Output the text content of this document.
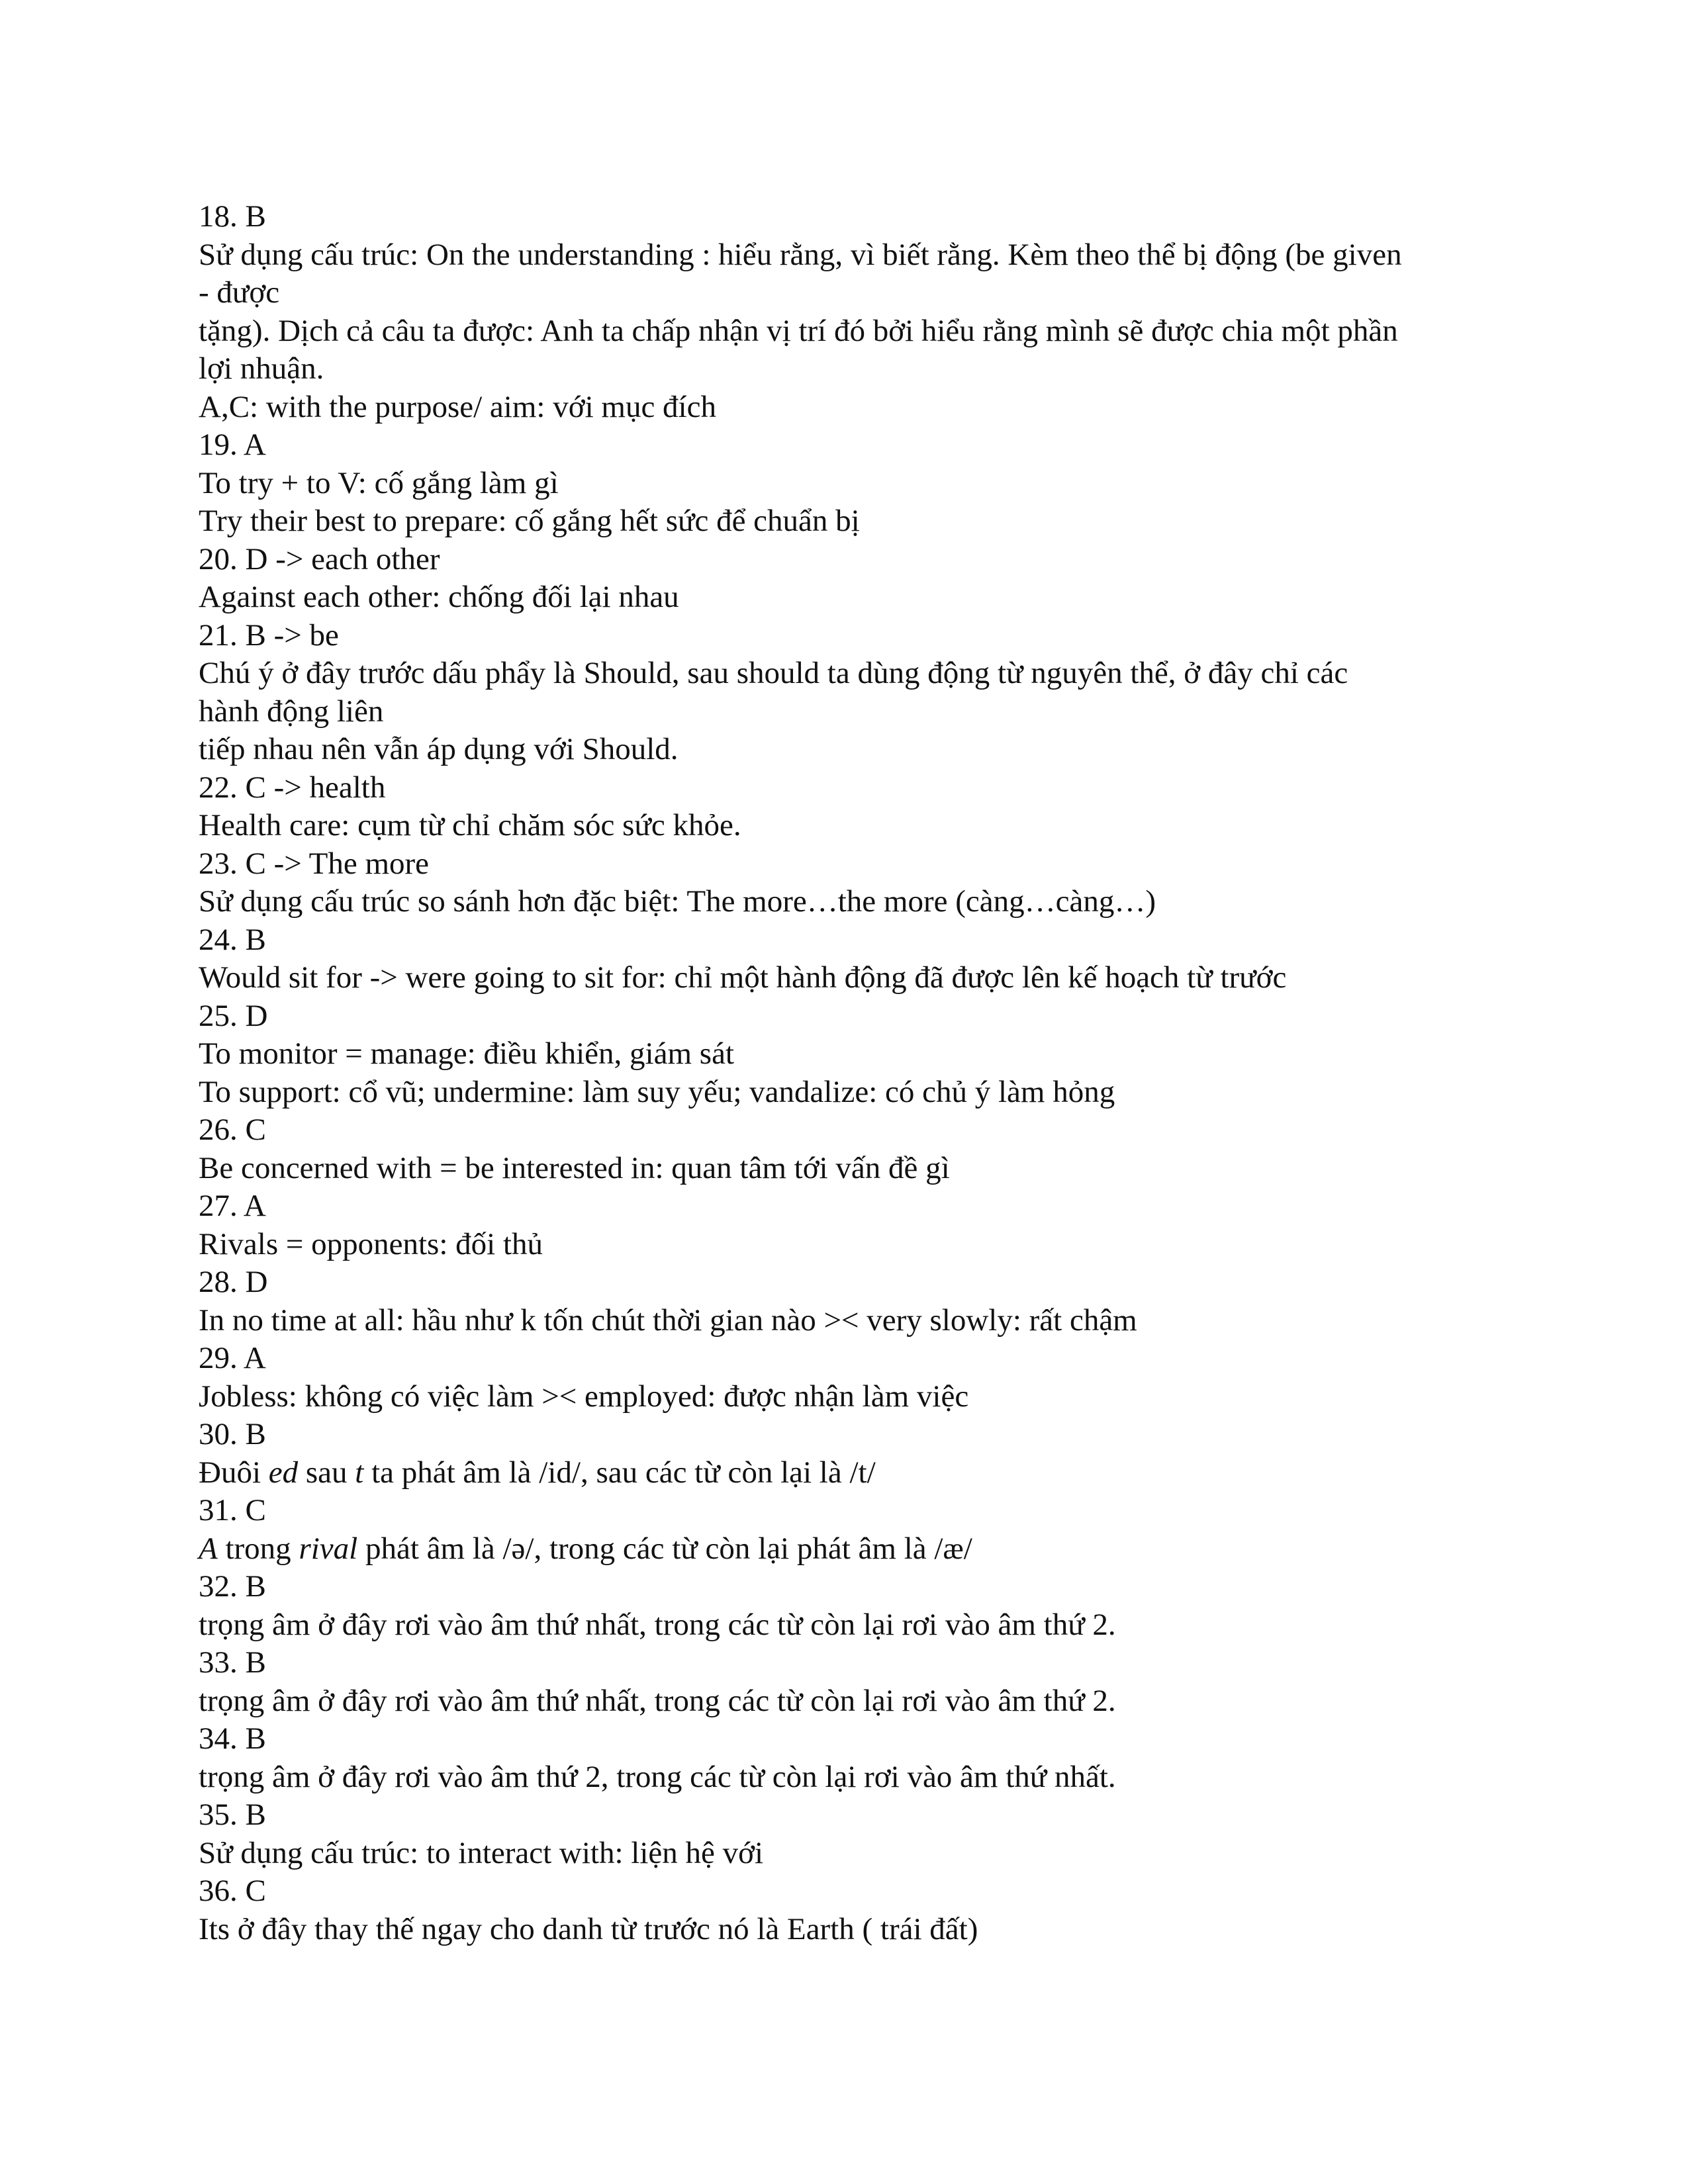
18. B
Sử dụng cấu trúc: On the understanding : hiểu rằng, vì biết rằng. Kèm theo thể bị động (be given
- được
tặng). Dịch cả câu ta được: Anh ta chấp nhận vị trí đó bởi hiểu rằng mình sẽ được chia một phần
lợi nhuận.
A,C: with the purpose/ aim: với mục đích
19. A
To try + to V: cố gắng làm gì
Try their best to prepare: cố gắng hết sức để chuẩn bị
20. D -> each other
Against each other: chống đối lại nhau
21. B -> be
Chú ý ở đây trước dấu phẩy là Should, sau should ta dùng động từ nguyên thể, ở đây chỉ các
hành động liên
tiếp nhau nên vẫn áp dụng với Should.
22. C -> health
Health care: cụm từ chỉ chăm sóc sức khỏe.
23. C -> The more
Sử dụng cấu trúc so sánh hơn đặc biệt: The more…the more (càng…càng…)
24. B
Would sit for -> were going to sit for: chỉ một hành động đã được lên kế hoạch từ trước
25. D
To monitor = manage: điều khiển, giám sát
To support: cổ vũ; undermine: làm suy yếu; vandalize: có chủ ý làm hỏng
26. C
Be concerned with = be interested in: quan tâm tới vấn đề gì
27. A
Rivals = opponents: đối thủ
28. D
In no time at all: hầu như k tốn chút thời gian nào >< very slowly: rất chậm
29. A
Jobless: không có việc làm >< employed: được nhận làm việc
30. B
Đuôi ed sau t ta phát âm là /id/, sau các từ còn lại là /t/
31. C
A trong rival phát âm là /ə/, trong các từ còn lại phát âm là /æ/
32. B
trọng âm ở đây rơi vào âm thứ nhất, trong các từ còn lại rơi vào âm thứ 2.
33. B
trọng âm ở đây rơi vào âm thứ nhất, trong các từ còn lại rơi vào âm thứ 2.
34. B
trọng âm ở đây rơi vào âm thứ 2, trong các từ còn lại rơi vào âm thứ nhất.
35. B
Sử dụng cấu trúc: to interact with: liện hệ với
36. C
Its ở đây thay thế ngay cho danh từ trước nó là Earth ( trái đất)
